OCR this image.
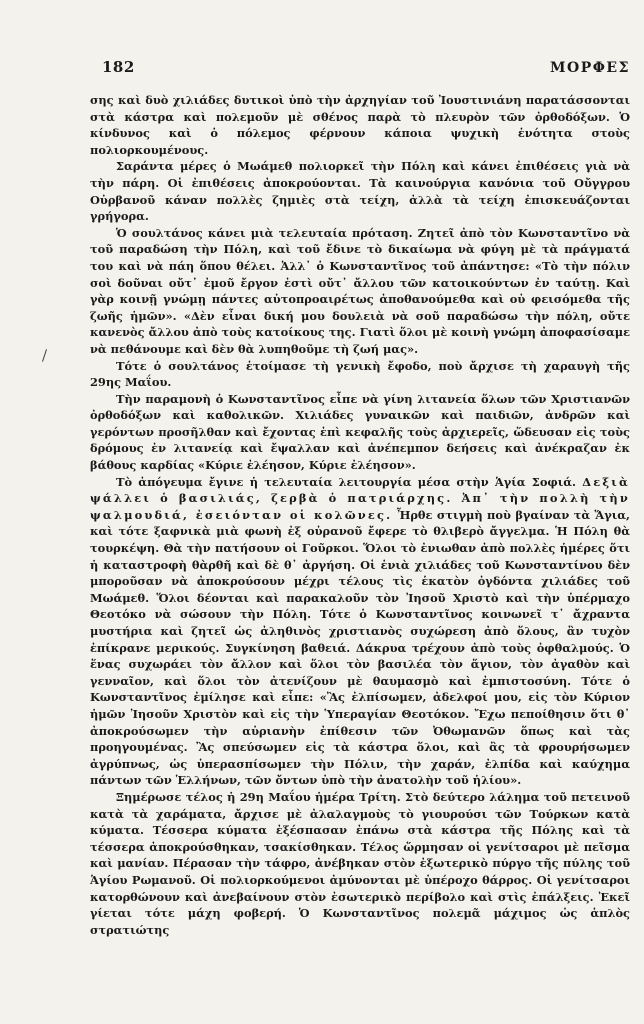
182	ΜΟΡΦΕΣ

σης καὶ δυὸ χιλιάδες δυτικοὶ ὑπὸ τὴν ἀρχηγίαν τοῦ Ἰουστινιάνη παρατάσσονται στὰ κάστρα καὶ πολεμοῦν μὲ σθένος παρὰ τὸ πλευρὸν τῶν ὀρθοδόξων. Ὁ κίνδυνος καὶ ὁ πόλεμος φέρνουν κάποια ψυχικὴ ἑνότητα στοὺς πολιορκουμένους.

Σαράντα μέρες ὁ Μωάμεθ πολιορκεῖ τὴν Πόλη καὶ κάνει ἐπιθέσεις γιὰ νὰ τὴν πάρη. Οἱ ἐπιθέσεις ἀποκρούονται. Τὰ καινούργια κανόνια τοῦ Οὔγγρου Οὐρβανοῦ κάναν πολλὲς ζημιὲς στὰ τείχη, ἀλλὰ τὰ τείχη ἐπισκευάζονται γρήγορα.

Ὁ σουλτάνος κάνει μιὰ τελευταία πρόταση. Ζητεῖ ἀπὸ τὸν Κωνσταντῖνο νὰ τοῦ παραδώση τὴν Πόλη, καὶ τοῦ ἔδινε τὸ δικαίωμα νὰ φύγη μὲ τὰ πράγματά του καὶ νὰ πάη ὅπου θέλει. Ἀλλ᾽ ὁ Κωνσταντῖνος τοῦ ἀπάντησε: «Τὸ τὴν πόλιν σοὶ δοῦναι οὔτ᾽ ἐμοῦ ἔργον ἐστὶ οὔτ᾽ ἄλλου τῶν κατοικούντων ἐν ταύτῃ. Καὶ γὰρ κοινῇ γνώμῃ πάντες αὐτοπροαιρέτως ἀποθανούμεθα καὶ οὐ φεισόμεθα τῆς ζωῆς ἡμῶν». «Δὲν εἶναι δική μου δουλειὰ νὰ σοῦ παραδώσω τὴν πόλη, οὔτε κανενὸς ἄλλου ἀπὸ τοὺς κατοίκους της. Γιατὶ ὅλοι μὲ κοινὴ γνώμη ἀποφασίσαμε νὰ πεθάνουμε καὶ δὲν θὰ λυπηθοῦμε τὴ ζωή μας».

Τότε ὁ σουλτάνος ἑτοίμασε τὴ γενικὴ ἔφοδο, ποὺ ἄρχισε τὴ χαραυγὴ τῆς 29ης Μαΐου.

Τὴν παραμονὴ ὁ Κωνσταντῖνος εἶπε νὰ γίνη λιτανεία ὅλων τῶν Χριστιανῶν ὀρθοδόξων καὶ καθολικῶν. Χιλιάδες γυναικῶν καὶ παιδιῶν, ἀνδρῶν καὶ γερόντων προσῆλθαν καὶ ἔχοντας ἐπὶ κεφαλῆς τοὺς ἀρχιερεῖς, ὥδευσαν εἰς τοὺς δρόμους ἐν λιτανείᾳ καὶ ἔψαλλαν καὶ ἀνέπεμπον δεήσεις καὶ ἀνέκραζαν ἐκ βάθους καρδίας «Κύριε ἐλέησον, Κύριε ἐλέησον».

Τὸ ἀπόγευμα ἔγινε ἡ τελευταία λειτουργία μέσα στὴν Ἁγία Σοφιά. Δεξιὰ ψάλλει ὁ βασιλιάς, ζερβὰ ὁ πατριάρχης. Ἀπ᾽ τὴν πολλὴ τὴν ψαλμουδιά, ἐσειόνταν οἱ κολῶνες. Ἦρθε στιγμὴ ποὺ βγαίναν τὰ Ἅγια, καὶ τότε ξαφνικὰ μιὰ φωνὴ ἐξ οὐρανοῦ ἔφερε τὸ θλιβερὸ ἄγγελμα. Ἡ Πόλη θὰ τουρκέψη. Θὰ τὴν πατήσουν οἱ Γοῦρκοι. Ὅλοι τὸ ἐνιωθαν ἀπὸ πολλὲς ἡμέρες ὅτι ἡ καταστροφὴ θὰρθῆ καὶ δὲ θ᾽ ἀργήση. Οἱ ἑνιὰ χιλιάδες τοῦ Κωνσταντίνου δὲν μποροῦσαν νὰ ἀποκρούσουν μέχρι τέλους τὶς ἑκατὸν ὀγδόντα χιλιάδες τοῦ Μωάμεθ. Ὅλοι δέονται καὶ παρακαλοῦν τὸν Ἰησοῦ Χριστὸ καὶ τὴν ὑπέρμαχο Θεοτόκο νὰ σώσουν τὴν Πόλη. Τότε ὁ Κωνσταντῖνος κοινωνεῖ τ᾽ ἄχραντα μυστήρια καὶ ζητεῖ ὡς ἀληθινὸς χριστιανὸς συχώρεση ἀπὸ ὅλους, ἂν τυχὸν ἐπίκρανε μερικούς. Συγκίνηση βαθειά. Δάκρυα τρέχουν ἀπὸ τοὺς ὀφθαλμούς. Ὁ ἕνας συχωράει τὸν ἄλλον καὶ ὅλοι τὸν βασιλέα τὸν ἅγιον, τὸν ἀγαθὸν καὶ γενναῖον, καὶ ὅλοι τὸν ἀτενίζουν μὲ θαυμασμὸ καὶ ἐμπιστοσύνη. Τότε ὁ Κωνσταντῖνος ἐμίλησε καὶ εἶπε: «Ἂς ἐλπίσωμεν, ἀδελφοί μου, εἰς τὸν Κύριον ἡμῶν Ἰησοῦν Χριστὸν καὶ εἰς τὴν Ὑπεραγίαν Θεοτόκον. Ἔχω πεποίθησιν ὅτι θ᾽ ἀποκρούσωμεν τὴν αὐριανὴν ἐπίθεσιν τῶν Ὀθωμανῶν ὅπως καὶ τὰς προηγουμένας. Ἂς σπεύσωμεν εἰς τὰ κάστρα ὅλοι, καὶ ἂς τὰ φρουρήσωμεν ἀγρύπνως, ὡς ὑπερασπίσωμεν τὴν Πόλιν, τὴν χαράν, ἐλπίδα καὶ καύχημα πάντων τῶν Ἑλλήνων, τῶν ὄντων ὑπὸ τὴν ἀνατολὴν τοῦ ἡλίου».

Ξημέρωσε τέλος ἡ 29η Μαΐου ἡμέρα Τρίτη. Στὸ δεύτερο λάλημα τοῦ πετεινοῦ κατὰ τὰ χαράματα, ἄρχισε μὲ ἀλαλαγμοὺς τὸ γιουρούσι τῶν Τούρκων κατὰ κύματα. Τέσσερα κύματα ἐξέσπασαν ἐπάνω στὰ κάστρα τῆς Πόλης καὶ τὰ τέσσερα ἀποκρούσθηκαν, τσακίσθηκαν. Τέλος ὥρμησαν οἱ γενίτσαροι μὲ πεῖσμα καὶ μανίαν. Πέρασαν τὴν τάφρο, ἀνέβηκαν στὸν ἐξωτερικὸ πύργο τῆς πύλης τοῦ Ἁγίου Ρωμανοῦ. Οἱ πολιορκούμενοι ἀμύνονται μὲ ὑπέροχο θάρρος. Οἱ γενίτσαροι κατορθώνουν καὶ ἀνεβαίνουν στὸν ἐσωτερικὸ περίβολο καὶ στὶς ἐπάλξεις. Ἐκεῖ γίεται τότε μάχη φοβερή. Ὁ Κωνσταντῖνος πολεμᾶ μάχιμος ὡς ἁπλὸς στρατιώτης
